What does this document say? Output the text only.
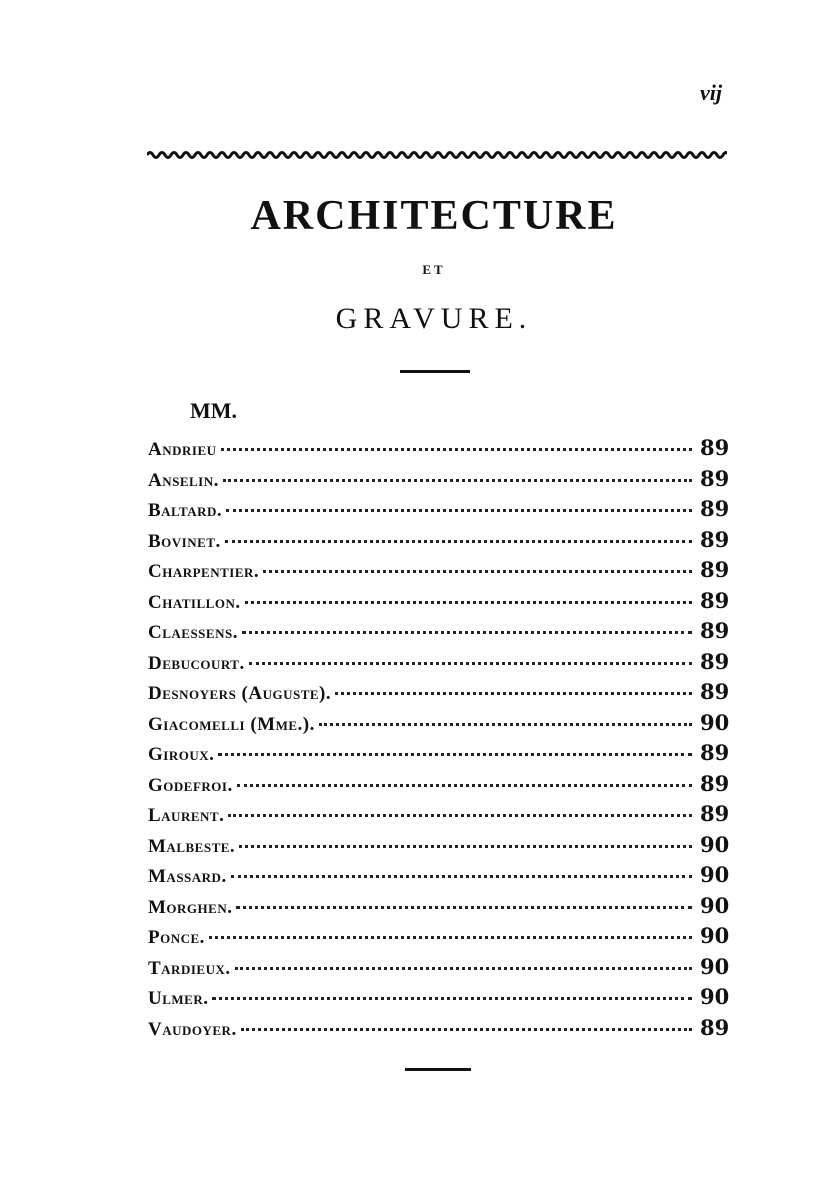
vij
ARCHITECTURE
ET
GRAVURE.
MM.
Andrieu	89
Anselin.	89
Baltard.	89
Bovinet.	89
Charpentier.	89
Chatillon.	89
Claessens.	89
Debucourt.	89
Desnoyers (Auguste).	89
Giacomelli (Mme.).	90
Giroux.	89
Godefroi.	89
Laurent.	89
Malbeste.	90
Massard.	90
Morghen.	90
Ponce.	90
Tardieux.	90
Ulmer.	90
Vaudoyer.	89
